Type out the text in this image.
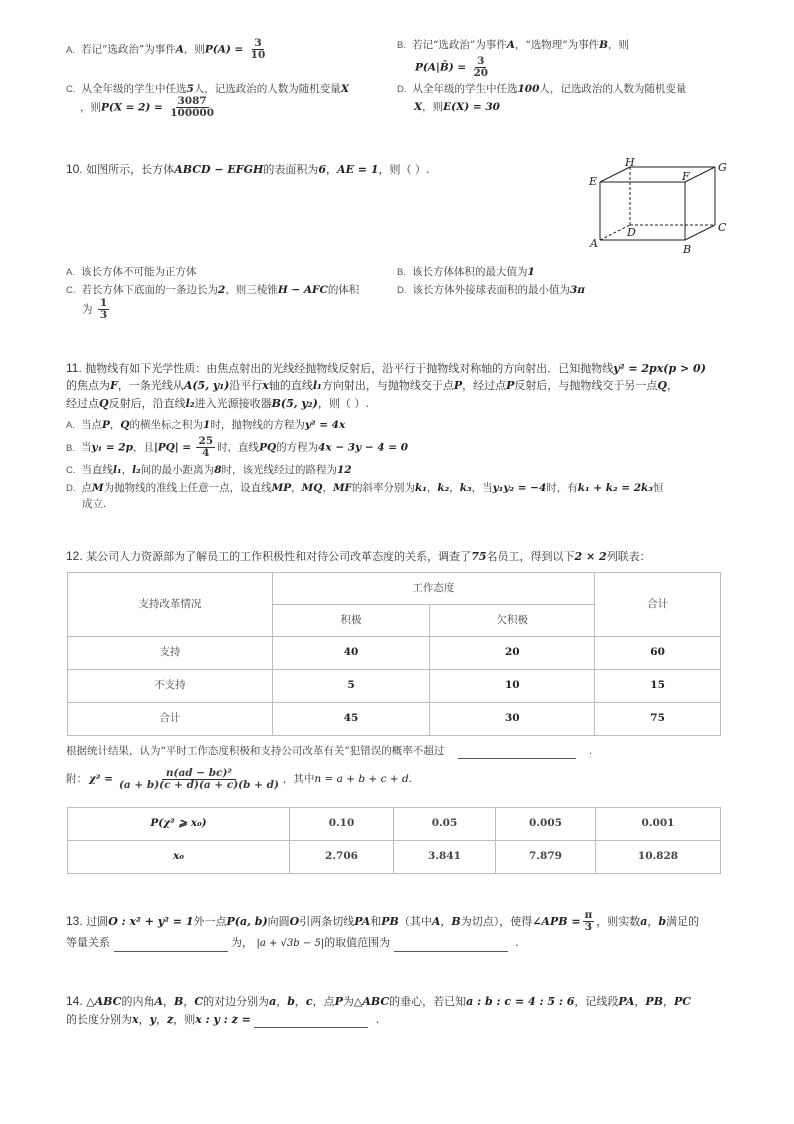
A. 若记“选政治”为事件A，则$P(A) = \frac{3}{10}$	B. 若记“选政治”为事件A，“选物理”为事件B，则
P(A|B̄) = $\frac{3}{20}$
C. 从全年级的学生中任选5人，记选政治的人数为随机变量X
，则$P(X = 2) = \frac{3087}{100000}$
D. 从全年级的学生中任选100人，记选政治的人数为随机变量
X，则E(X) = 30
10. 如图所示，长方体ABCD − EFGH的表面积为6，AE = 1，则（ ）.
H	G
E	F
D	C
A	B
A. 该长方体不可能为正方体	B. 该长方体体积的最大值为1
C. 若长方体下底面的一条边长为2，则三棱锥H − AFC的体积
为 $\frac{1}{3}$
D. 该长方体外接球表面积的最小值为3π
11. 抛物线有如下光学性质：由焦点射出的光线经抛物线反射后，沿平行于抛物线对称轴的方向射出．已知抛物线y² = 2px(p > 0)
的焦点为F，一条光线从A(5, y₁)沿平行x轴的直线l₁方向射出，与抛物线交于点P，经过点P反射后，与抛物线交于另一点Q，
经过点Q反射后，沿直线l₂进入光源接收器B(5, y₂)，则（ ）.
A. 当点P，Q的横坐标之积为1时，抛物线的方程为y² = 4x
B. 当y₁ = 2p，且$|PQ| = \frac{25}{4}$ 时，直线PQ的方程为4x − 3y − 4 = 0
C. 当直线l₁，l₂间的最小距离为8时，该光线经过的路程为12
D. 点M为抛物线的准线上任意一点，设直线MP，MQ，MF的斜率分别为k₁，k₂，k₃，当y₁y₂ = −4时，有k₁ + k₂ = 2k₃恒
成立.
12. 某公司人力资源部为了解员工的工作积极性和对待公司改革态度的关系，调查了75名员工，得到以下2 × 2列联表：
支持改革情况	工作态度		合计
	积极	欠积极	
支持	40	20	60
不支持	5	10	15
合计	45	30	75
根据统计结果，认为“平时工作态度积极和支持公司改革有关”犯错误的概率不超过	.
附： $\chi^2 = \frac{\text{n(ad − bc)²}}{(a + b)(c + d)(a + c)(b + d)}$ ，其中 n = a + b + c + d.
P(χ² ⩾ x₀)	0.10	0.05	0.005	0.001
x₀	2.706	3.841	7.879	10.828
13.
过圆 O : x² + y² = 1 外一点 P(a, b) 向圆 O 引两条切线 PA 和 PB （其中 A ， B 为切点），使得 ∠APB = $\frac{\pi}{3}$ ，则实数 a ， b 满足的
等量关系	为， |a + √3b − 5|的取值范围为	.
14. △ABC的内角A，B，C的对边分别为a，b，c，点P为△ABC的垂心，若已知a : b : c = 4 : 5 : 6，记线段PA，PB，PC
的长度分别为x，y，z，则x : y : z =	.
